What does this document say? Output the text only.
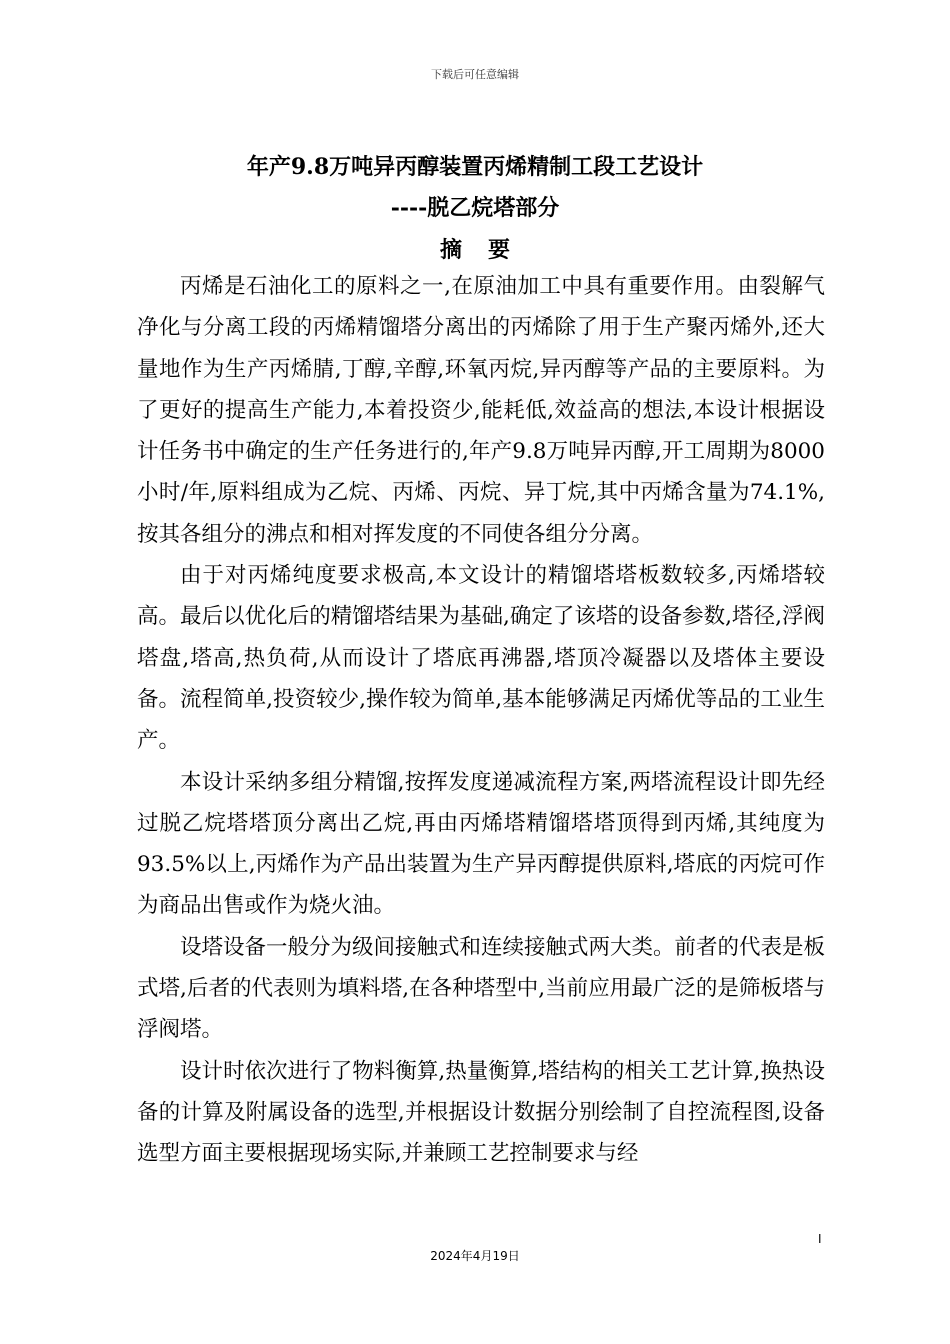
下载后可任意编辑
年产9.8万吨异丙醇装置丙烯精制工段工艺设计
----脱乙烷塔部分
摘要

丙烯是石油化工的原料之一,在原油加工中具有重要作用。由裂解气净化与分离工段的丙烯精馏塔分离出的丙烯除了用于生产聚丙烯外,还大量地作为生产丙烯腈,丁醇,辛醇,环氧丙烷,异丙醇等产品的主要原料。为了更好的提高生产能力,本着投资少,能耗低,效益高的想法,本设计根据设计任务书中确定的生产任务进行的,年产9.8万吨异丙醇,开工周期为8000小时/年,原料组成为乙烷、丙烯、丙烷、异丁烷,其中丙烯含量为74.1%,按其各组分的沸点和相对挥发度的不同使各组分分离。

由于对丙烯纯度要求极高,本文设计的精馏塔塔板数较多,丙烯塔较高。最后以优化后的精馏塔结果为基础,确定了该塔的设备参数,塔径,浮阀塔盘,塔高,热负荷,从而设计了塔底再沸器,塔顶冷凝器以及塔体主要设备。流程简单,投资较少,操作较为简单,基本能够满足丙烯优等品的工业生产。

本设计采纳多组分精馏,按挥发度递减流程方案,两塔流程设计即先经过脱乙烷塔塔顶分离出乙烷,再由丙烯塔精馏塔塔顶得到丙烯,其纯度为93.5%以上,丙烯作为产品出装置为生产异丙醇提供原料,塔底的丙烷可作为商品出售或作为烧火油。

设塔设备一般分为级间接触式和连续接触式两大类。前者的代表是板式塔,后者的代表则为填料塔,在各种塔型中,当前应用最广泛的是筛板塔与浮阀塔。

设计时依次进行了物料衡算,热量衡算,塔结构的相关工艺计算,换热设备的计算及附属设备的选型,并根据设计数据分别绘制了自控流程图,设备选型方面主要根据现场实际,并兼顾工艺控制要求与经

I
2024年4月19日
